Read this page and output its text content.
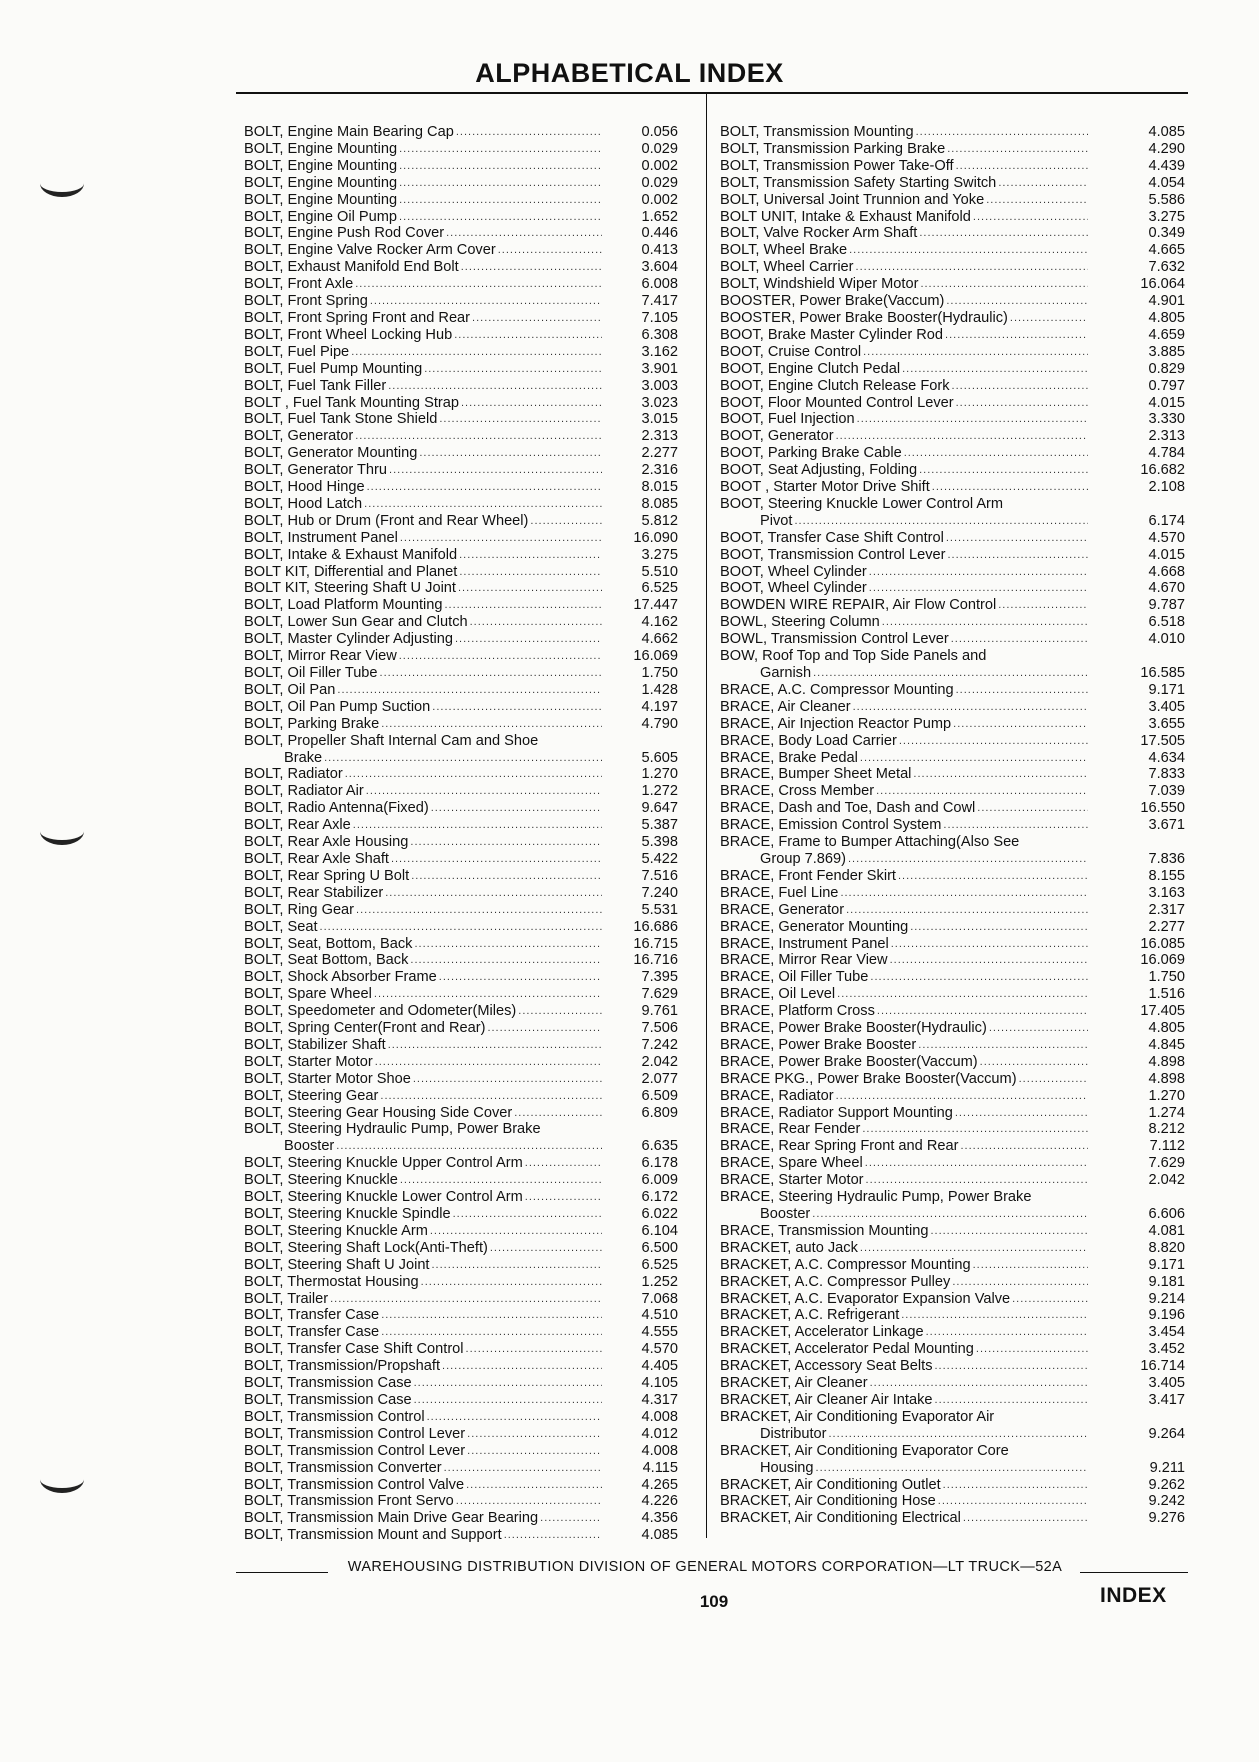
ALPHABETICAL INDEX
BOLT, Engine Main Bearing Cap .....	0.056
BOLT, Engine Mounting .....	0.029
BOLT, Engine Mounting .....	0.002
BOLT, Engine Mounting .....	0.029
BOLT, Engine Mounting .....	0.002
BOLT, Engine Oil Pump .....	1.652
BOLT, Engine Push Rod Cover .....	0.446
BOLT, Engine Valve Rocker Arm Cover .....	0.413
BOLT, Exhaust Manifold End Bolt .....	3.604
BOLT, Front Axle .....	6.008
BOLT, Front Spring .....	7.417
BOLT, Front Spring Front and Rear .....	7.105
BOLT, Front Wheel Locking Hub .....	6.308
BOLT, Fuel Pipe .....	3.162
BOLT, Fuel Pump Mounting .....	3.901
BOLT, Fuel Tank Filler .....	3.003
BOLT , Fuel Tank Mounting Strap .....	3.023
BOLT, Fuel Tank Stone Shield .....	3.015
BOLT, Generator .....	2.313
BOLT, Generator Mounting .....	2.277
BOLT, Generator Thru .....	2.316
BOLT, Hood Hinge .....	8.015
BOLT, Hood Latch .....	8.085
BOLT, Hub or Drum (Front and Rear Wheel) .....	5.812
BOLT, Instrument Panel .....	16.090
BOLT, Intake & Exhaust Manifold .....	3.275
BOLT KIT, Differential and Planet .....	5.510
BOLT KIT, Steering Shaft U Joint .....	6.525
BOLT, Load Platform Mounting .....	17.447
BOLT, Lower Sun Gear and Clutch .....	4.162
BOLT, Master Cylinder Adjusting .....	4.662
BOLT, Mirror Rear View .....	16.069
BOLT, Oil Filler Tube .....	1.750
BOLT, Oil Pan .....	1.428
BOLT, Oil Pan Pump Suction .....	4.197
BOLT, Parking Brake .....	4.790
BOLT, Propeller Shaft Internal Cam and Shoe
Brake .....	5.605
BOLT, Radiator .....	1.270
BOLT, Radiator Air .....	1.272
BOLT, Radio Antenna(Fixed) .....	9.647
BOLT, Rear Axle .....	5.387
BOLT, Rear Axle Housing .....	5.398
BOLT, Rear Axle Shaft .....	5.422
BOLT, Rear Spring U Bolt .....	7.516
BOLT, Rear Stabilizer .....	7.240
BOLT, Ring Gear .....	5.531
BOLT, Seat .....	16.686
BOLT, Seat, Bottom, Back .....	16.715
BOLT, Seat Bottom, Back .....	16.716
BOLT, Shock Absorber Frame .....	7.395
BOLT, Spare Wheel .....	7.629
BOLT, Speedometer and Odometer(Miles) .....	9.761
BOLT, Spring Center(Front and Rear) .....	7.506
BOLT, Stabilizer Shaft .....	7.242
BOLT, Starter Motor .....	2.042
BOLT, Starter Motor Shoe .....	2.077
BOLT, Steering Gear .....	6.509
BOLT, Steering Gear Housing Side Cover .....	6.809
BOLT, Steering Hydraulic Pump, Power Brake
Booster .....	6.635
BOLT, Steering Knuckle Upper Control Arm .....	6.178
BOLT, Steering Knuckle .....	6.009
BOLT, Steering Knuckle Lower Control Arm .....	6.172
BOLT, Steering Knuckle Spindle .....	6.022
BOLT, Steering Knuckle Arm .....	6.104
BOLT, Steering Shaft Lock(Anti-Theft) .....	6.500
BOLT, Steering Shaft U Joint .....	6.525
BOLT, Thermostat Housing .....	1.252
BOLT, Trailer .....	7.068
BOLT, Transfer Case .....	4.510
BOLT, Transfer Case .....	4.555
BOLT, Transfer Case Shift Control .....	4.570
BOLT, Transmission/Propshaft .....	4.405
BOLT, Transmission Case .....	4.105
BOLT, Transmission Case .....	4.317
BOLT, Transmission Control .....	4.008
BOLT, Transmission Control Lever .....	4.012
BOLT, Transmission Control Lever .....	4.008
BOLT, Transmission Converter .....	4.115
BOLT, Transmission Control Valve .....	4.265
BOLT, Transmission Front Servo .....	4.226
BOLT, Transmission Main Drive Gear Bearing .....	4.356
BOLT, Transmission Mount and Support .....	4.085
BOLT, Transmission Mounting .....	4.085
BOLT, Transmission Parking Brake .....	4.290
BOLT, Transmission Power Take-Off .....	4.439
BOLT, Transmission Safety Starting Switch .....	4.054
BOLT, Universal Joint Trunnion and Yoke .....	5.586
BOLT UNIT, Intake & Exhaust Manifold .....	3.275
BOLT, Valve Rocker Arm Shaft .....	0.349
BOLT, Wheel Brake .....	4.665
BOLT, Wheel Carrier .....	7.632
BOLT, Windshield Wiper Motor .....	16.064
BOOSTER, Power Brake(Vaccum) .....	4.901
BOOSTER, Power Brake Booster(Hydraulic) .....	4.805
BOOT, Brake Master Cylinder Rod .....	4.659
BOOT, Cruise Control .....	3.885
BOOT, Engine Clutch Pedal .....	0.829
BOOT, Engine Clutch Release Fork .....	0.797
BOOT, Floor Mounted Control Lever .....	4.015
BOOT, Fuel Injection .....	3.330
BOOT, Generator .....	2.313
BOOT, Parking Brake Cable .....	4.784
BOOT, Seat Adjusting, Folding .....	16.682
BOOT , Starter Motor Drive Shift .....	2.108
BOOT, Steering Knuckle Lower Control Arm
Pivot .....	6.174
BOOT, Transfer Case Shift Control .....	4.570
BOOT, Transmission Control Lever .....	4.015
BOOT, Wheel Cylinder .....	4.668
BOOT, Wheel Cylinder .....	4.670
BOWDEN WIRE REPAIR, Air Flow Control .....	9.787
BOWL, Steering Column .....	6.518
BOWL, Transmission Control Lever .....	4.010
BOW, Roof Top and Top Side Panels and
Garnish .....	16.585
BRACE, A.C. Compressor Mounting .....	9.171
BRACE, Air Cleaner .....	3.405
BRACE, Air Injection Reactor Pump .....	3.655
BRACE, Body Load Carrier .....	17.505
BRACE, Brake Pedal .....	4.634
BRACE, Bumper Sheet Metal .....	7.833
BRACE, Cross Member .....	7.039
BRACE, Dash and Toe, Dash and Cowl .....	16.550
BRACE, Emission Control System .....	3.671
BRACE, Frame to Bumper Attaching(Also See
Group 7.869) .....	7.836
BRACE, Front Fender Skirt .....	8.155
BRACE, Fuel Line .....	3.163
BRACE, Generator .....	2.317
BRACE, Generator Mounting .....	2.277
BRACE, Instrument Panel .....	16.085
BRACE, Mirror Rear View .....	16.069
BRACE, Oil Filler Tube .....	1.750
BRACE, Oil Level .....	1.516
BRACE, Platform Cross .....	17.405
BRACE, Power Brake Booster(Hydraulic) .....	4.805
BRACE, Power Brake Booster .....	4.845
BRACE, Power Brake Booster(Vaccum) .....	4.898
BRACE PKG., Power Brake Booster(Vaccum) .....	4.898
BRACE, Radiator .....	1.270
BRACE, Radiator Support Mounting .....	1.274
BRACE, Rear Fender .....	8.212
BRACE, Rear Spring Front and Rear .....	7.112
BRACE, Spare Wheel .....	7.629
BRACE, Starter Motor .....	2.042
BRACE, Steering Hydraulic Pump, Power Brake
Booster .....	6.606
BRACE, Transmission Mounting .....	4.081
BRACKET, auto Jack .....	8.820
BRACKET, A.C. Compressor Mounting .....	9.171
BRACKET, A.C. Compressor Pulley .....	9.181
BRACKET, A.C. Evaporator Expansion Valve .....	9.214
BRACKET, A.C. Refrigerant .....	9.196
BRACKET, Accelerator Linkage .....	3.454
BRACKET, Accelerator Pedal Mounting .....	3.452
BRACKET, Accessory Seat Belts .....	16.714
BRACKET, Air Cleaner .....	3.405
BRACKET, Air Cleaner Air Intake .....	3.417
BRACKET, Air Conditioning Evaporator Air
Distributor .....	9.264
BRACKET, Air Conditioning Evaporator Core
Housing .....	9.211
BRACKET, Air Conditioning Outlet .....	9.262
BRACKET, Air Conditioning Hose .....	9.242
BRACKET, Air Conditioning Electrical .....	9.276
WAREHOUSING DISTRIBUTION DIVISION OF GENERAL MOTORS CORPORATION—LT TRUCK—52A
109	INDEX
